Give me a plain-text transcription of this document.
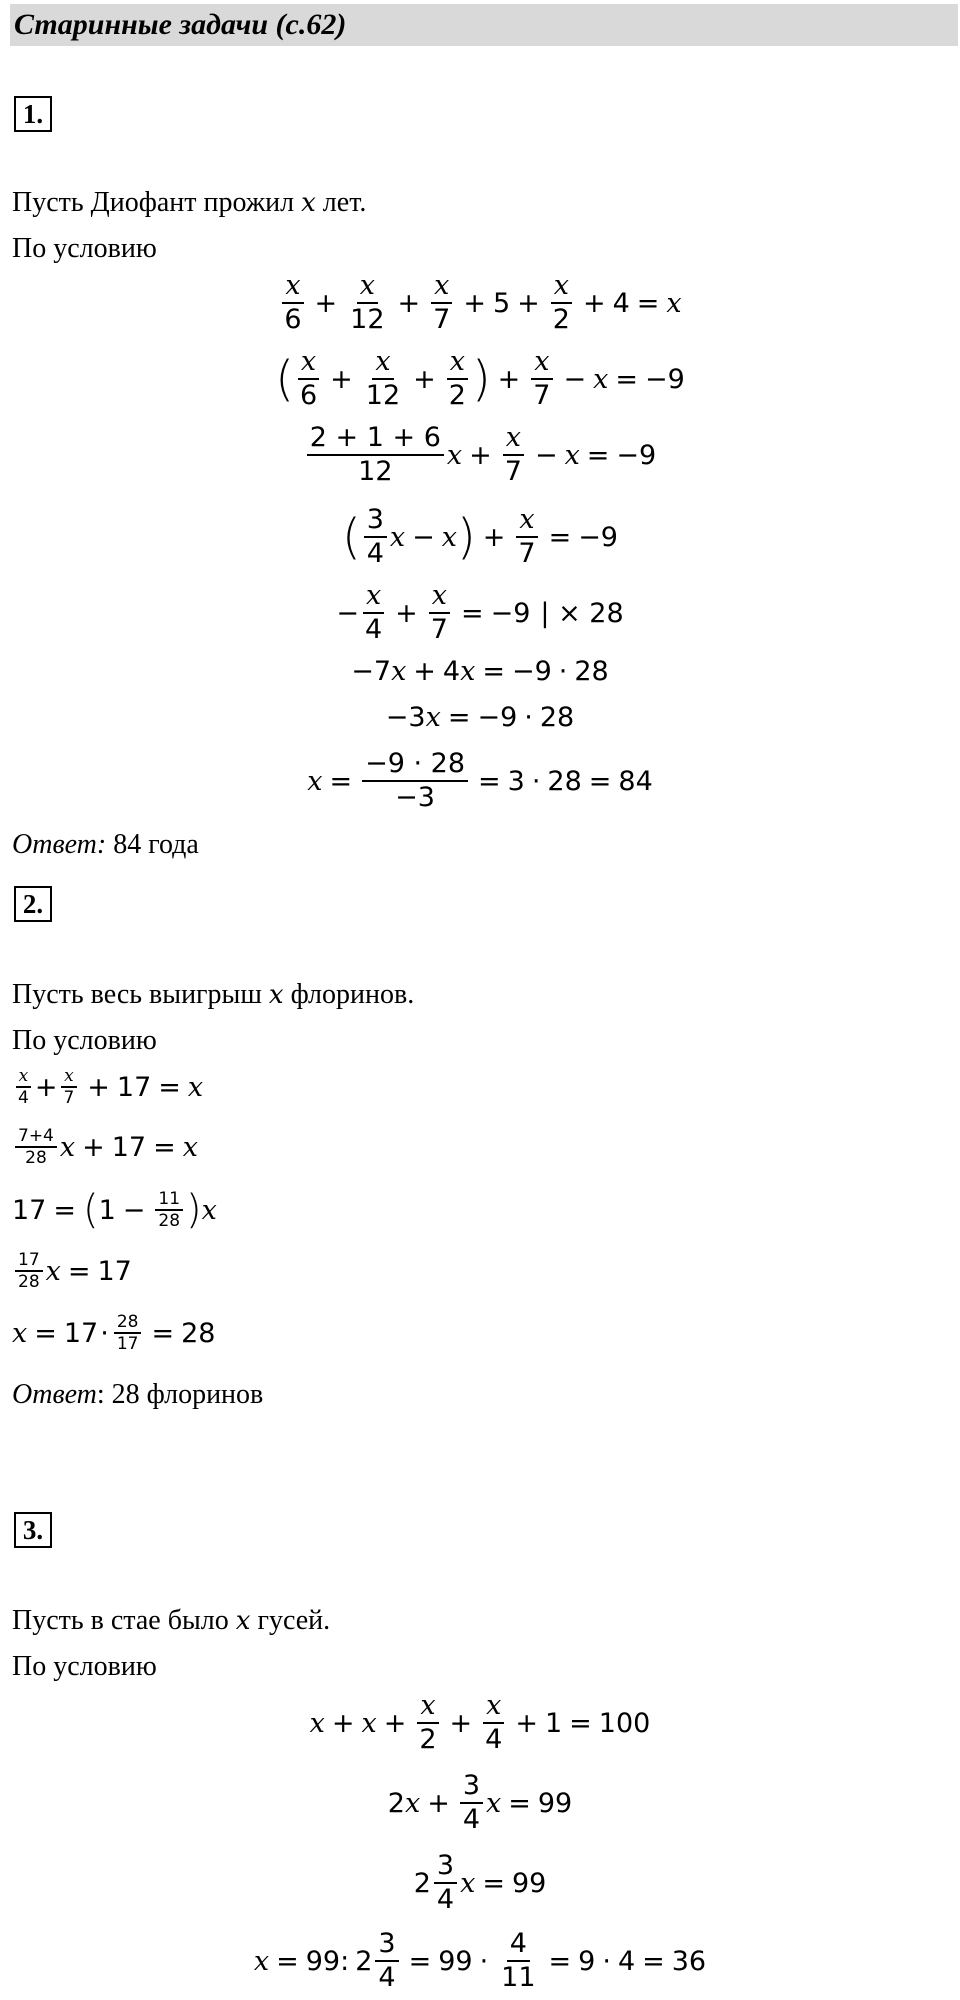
Старинные задачи (с.62)
1.
Пусть Диофант прожил x лет.
По условию
$\frac{x}{6} + \frac{x}{12} + \frac{x}{7} + 5 + \frac{x}{2} + 4 = x$
( $\frac{x}{6} + \frac{x}{12} + \frac{x}{2}$ ) + $\frac{x}{7} - x = -9$
$\frac{2 + 1 + 6}{12}$ $x + \frac{x}{7} - x = -9$
( $\frac{3}{4}$ x − x ) + $\frac{x}{7} = -9$
− $\frac{x}{4} + \frac{x}{7} = -9$ | × 28
−7 x + 4 x = −9 · 28
−3 x = −9 · 28
$x = \frac{-9 \cdot 28}{-3} = 3 \cdot 28 = 84$
Ответ: 84 года
2.
Пусть весь выигрыш x флоринов.
По условию
$\frac{x}{4} + \frac{x}{7} + 17 = x$
$\frac{7+4}{28}$ x + 17 = x
17 = ( $1 - \frac{11}{28}$ ) x
$\frac{17}{28}$ x = 17
$x = 17 \cdot \frac{28}{17} = 28$
Ответ: 28 флоринов
3.
Пусть в стае было x гусей.
По условию
$x + x + \frac{x}{2} + \frac{x}{4} + 1 = 100$
2 $x + \frac{3}{4}$ x = 99
$2 \frac{3}{4}$ x = 99
x = 99 : $2 \frac{3}{4} = 99 \cdot \frac{4}{11} = 9 \cdot 4 = 36$
